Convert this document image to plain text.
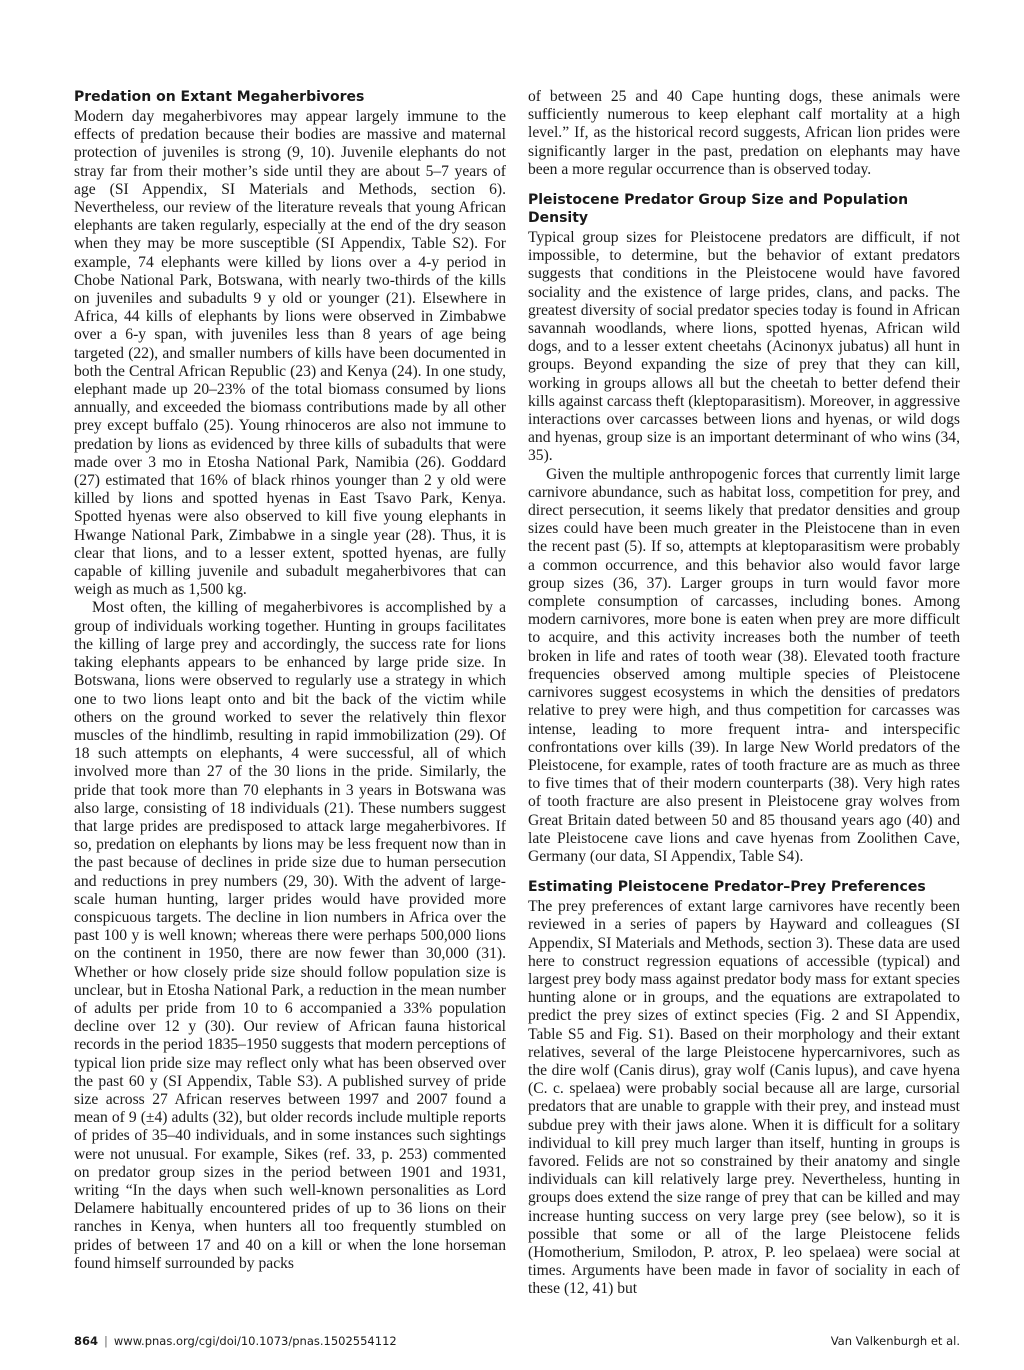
Predation on Extant Megaherbivores

Modern day megaherbivores may appear largely immune to the effects of predation because their bodies are massive and maternal protection of juveniles is strong (9, 10). Juvenile elephants do not stray far from their mother’s side until they are about 5–7 years of age (SI Appendix, SI Materials and Methods, section 6). Nevertheless, our review of the literature reveals that young African elephants are taken regularly, especially at the end of the dry season when they may be more susceptible (SI Appendix, Table S2). For example, 74 elephants were killed by lions over a 4-y period in Chobe National Park, Botswana, with nearly two-thirds of the kills on juveniles and subadults 9 y old or younger (21). Elsewhere in Africa, 44 kills of elephants by lions were observed in Zimbabwe over a 6-y span, with juveniles less than 8 years of age being targeted (22), and smaller numbers of kills have been documented in both the Central African Republic (23) and Kenya (24). In one study, elephant made up 20–23% of the total biomass consumed by lions annually, and exceeded the biomass contributions made by all other prey except buffalo (25). Young rhinoceros are also not immune to predation by lions as evidenced by three kills of subadults that were made over 3 mo in Etosha National Park, Namibia (26). Goddard (27) estimated that 16% of black rhinos younger than 2 y old were killed by lions and spotted hyenas in East Tsavo Park, Kenya. Spotted hyenas were also observed to kill five young elephants in Hwange National Park, Zimbabwe in a single year (28). Thus, it is clear that lions, and to a lesser extent, spotted hyenas, are fully capable of killing juvenile and subadult megaherbivores that can weigh as much as 1,500 kg.

Most often, the killing of megaherbivores is accomplished by a group of individuals working together. Hunting in groups facilitates the killing of large prey and accordingly, the success rate for lions taking elephants appears to be enhanced by large pride size. In Botswana, lions were observed to regularly use a strategy in which one to two lions leapt onto and bit the back of the victim while others on the ground worked to sever the relatively thin flexor muscles of the hindlimb, resulting in rapid immobilization (29). Of 18 such attempts on elephants, 4 were successful, all of which involved more than 27 of the 30 lions in the pride. Similarly, the pride that took more than 70 elephants in 3 years in Botswana was also large, consisting of 18 individuals (21). These numbers suggest that large prides are predisposed to attack large megaherbivores. If so, predation on elephants by lions may be less frequent now than in the past because of declines in pride size due to human persecution and reductions in prey numbers (29, 30). With the advent of large-scale human hunting, larger prides would have provided more conspicuous targets. The decline in lion numbers in Africa over the past 100 y is well known; whereas there were perhaps 500,000 lions on the continent in 1950, there are now fewer than 30,000 (31). Whether or how closely pride size should follow population size is unclear, but in Etosha National Park, a reduction in the mean number of adults per pride from 10 to 6 accompanied a 33% population decline over 12 y (30). Our review of African fauna historical records in the period 1835–1950 suggests that modern perceptions of typical lion pride size may reflect only what has been observed over the past 60 y (SI Appendix, Table S3). A published survey of pride size across 27 African reserves between 1997 and 2007 found a mean of 9 (±4) adults (32), but older records include multiple reports of prides of 35–40 individuals, and in some instances such sightings were not unusual. For example, Sikes (ref. 33, p. 253) commented on predator group sizes in the period between 1901 and 1931, writing “In the days when such well-known personalities as Lord Delamere habitually encountered prides of up to 36 lions on their ranches in Kenya, when hunters all too frequently stumbled on prides of between 17 and 40 on a kill or when the lone horseman found himself surrounded by packs

of between 25 and 40 Cape hunting dogs, these animals were sufficiently numerous to keep elephant calf mortality at a high level.” If, as the historical record suggests, African lion prides were significantly larger in the past, predation on elephants may have been a more regular occurrence than is observed today.

Pleistocene Predator Group Size and Population Density

Typical group sizes for Pleistocene predators are difficult, if not impossible, to determine, but the behavior of extant predators suggests that conditions in the Pleistocene would have favored sociality and the existence of large prides, clans, and packs. The greatest diversity of social predator species today is found in African savannah woodlands, where lions, spotted hyenas, African wild dogs, and to a lesser extent cheetahs (Acinonyx jubatus) all hunt in groups. Beyond expanding the size of prey that they can kill, working in groups allows all but the cheetah to better defend their kills against carcass theft (kleptoparasitism). Moreover, in aggressive interactions over carcasses between lions and hyenas, or wild dogs and hyenas, group size is an important determinant of who wins (34, 35).

Given the multiple anthropogenic forces that currently limit large carnivore abundance, such as habitat loss, competition for prey, and direct persecution, it seems likely that predator densities and group sizes could have been much greater in the Pleistocene than in even the recent past (5). If so, attempts at kleptoparasitism were probably a common occurrence, and this behavior also would favor large group sizes (36, 37). Larger groups in turn would favor more complete consumption of carcasses, including bones. Among modern carnivores, more bone is eaten when prey are more difficult to acquire, and this activity increases both the number of teeth broken in life and rates of tooth wear (38). Elevated tooth fracture frequencies observed among multiple species of Pleistocene carnivores suggest ecosystems in which the densities of predators relative to prey were high, and thus competition for carcasses was intense, leading to more frequent intra- and interspecific confrontations over kills (39). In large New World predators of the Pleistocene, for example, rates of tooth fracture are as much as three to five times that of their modern counterparts (38). Very high rates of tooth fracture are also present in Pleistocene gray wolves from Great Britain dated between 50 and 85 thousand years ago (40) and late Pleistocene cave lions and cave hyenas from Zoolithen Cave, Germany (our data, SI Appendix, Table S4).

Estimating Pleistocene Predator–Prey Preferences

The prey preferences of extant large carnivores have recently been reviewed in a series of papers by Hayward and colleagues (SI Appendix, SI Materials and Methods, section 3). These data are used here to construct regression equations of accessible (typical) and largest prey body mass against predator body mass for extant species hunting alone or in groups, and the equations are extrapolated to predict the prey sizes of extinct species (Fig. 2 and SI Appendix, Table S5 and Fig. S1). Based on their morphology and their extant relatives, several of the large Pleistocene hypercarnivores, such as the dire wolf (Canis dirus), gray wolf (Canis lupus), and cave hyena (C. c. spelaea) were probably social because all are large, cursorial predators that are unable to grapple with their prey, and instead must subdue prey with their jaws alone. When it is difficult for a solitary individual to kill prey much larger than itself, hunting in groups is favored. Felids are not so constrained by their anatomy and single individuals can kill relatively large prey. Nevertheless, hunting in groups does extend the size range of prey that can be killed and may increase hunting success on very large prey (see below), so it is possible that some or all of the large Pleistocene felids (Homotherium, Smilodon, P. atrox, P. leo spelaea) were social at times. Arguments have been made in favor of sociality in each of these (12, 41) but

864 | www.pnas.org/cgi/doi/10.1073/pnas.1502554112	Van Valkenburgh et al.
